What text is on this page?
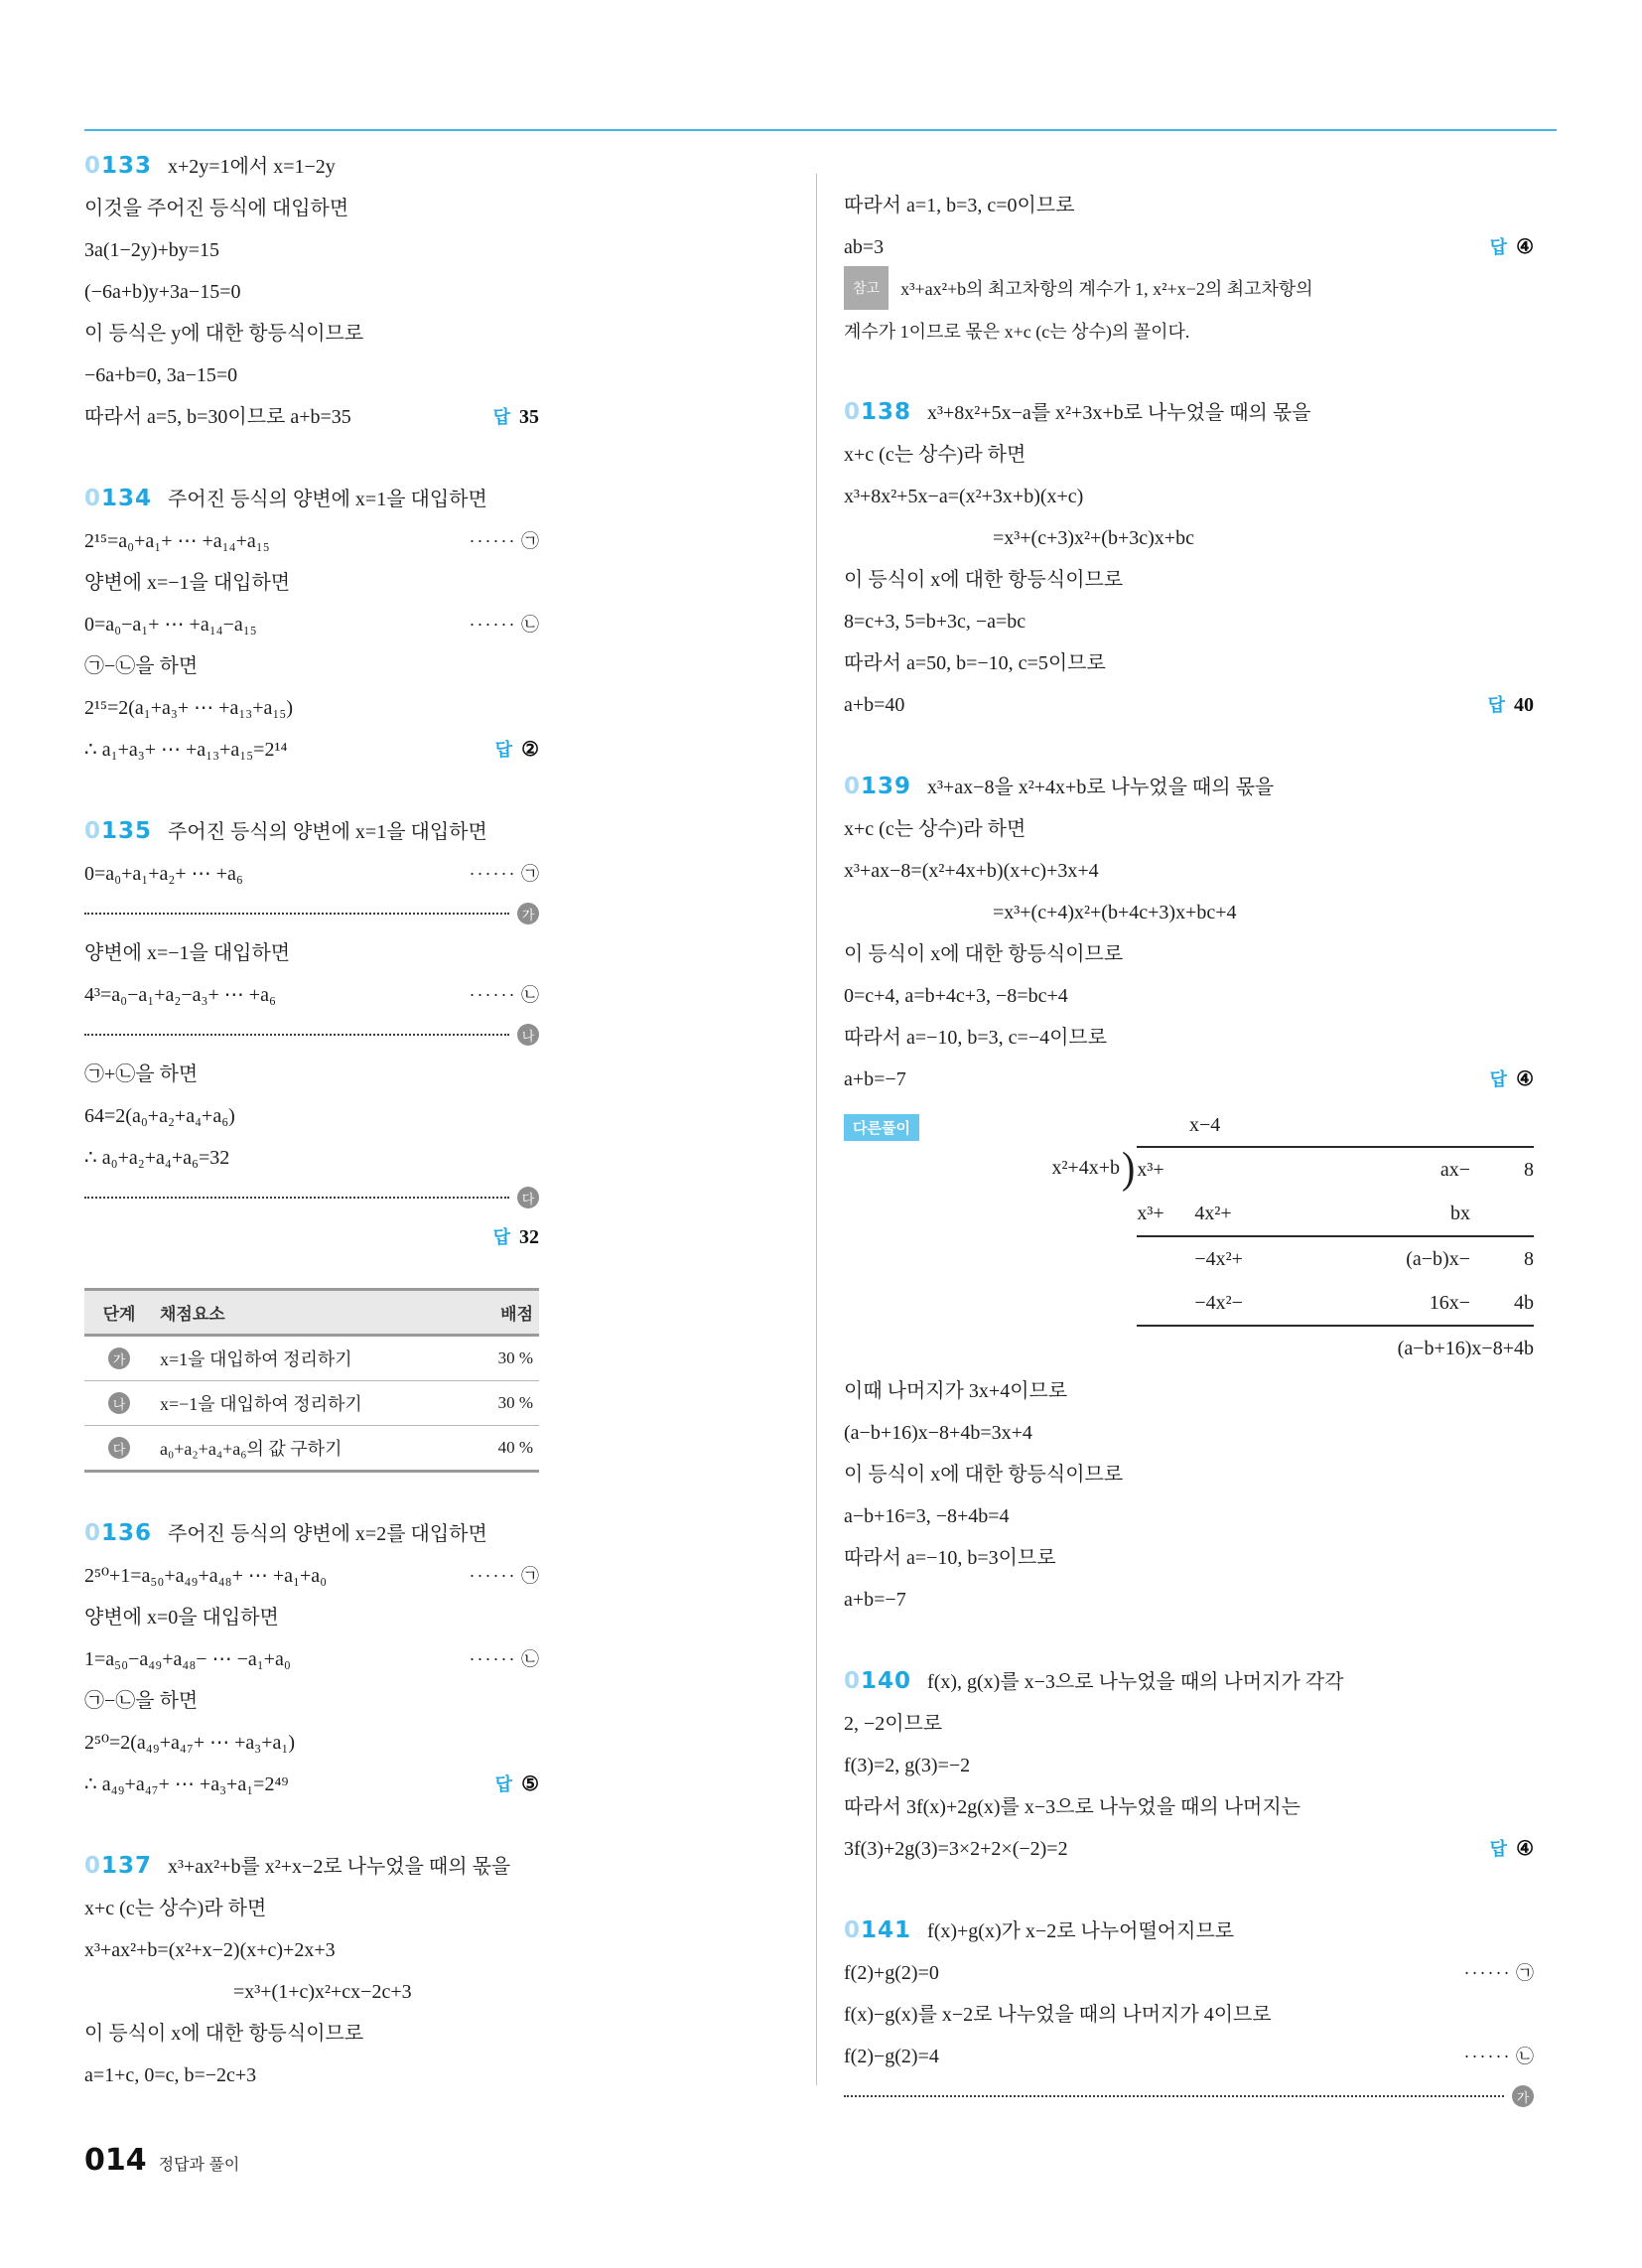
0133 x+2y=1에서 x=1−2y
이것을 주어진 등식에 대입하면
3a(1−2y)+by=15
(−6a+b)y+3a−15=0
이 등식은 y에 대한 항등식이므로
−6a+b=0, 3a−15=0
따라서 a=5, b=30이므로 a+b=35	답 35
0134 주어진 등식의 양변에 x=1을 대입하면
2¹⁵=a₀+a₁+ ⋯ +a₁₄+a₁₅	······ ㉠
양변에 x=−1을 대입하면
0=a₀−a₁+ ⋯ +a₁₄−a₁₅	······ ㉡
㉠−㉡을 하면
2¹⁵=2(a₁+a₃+ ⋯ +a₁₃+a₁₅)
∴ a₁+a₃+ ⋯ +a₁₃+a₁₅=2¹⁴	답 ②
0135 주어진 등식의 양변에 x=1을 대입하면
0=a₀+a₁+a₂+ ⋯ +a₆	······ ㉠
가
양변에 x=−1을 대입하면
4³=a₀−a₁+a₂−a₃+ ⋯ +a₆	······ ㉡
나
㉠+㉡을 하면
64=2(a₀+a₂+a₄+a₆)
∴ a₀+a₂+a₄+a₆=32
다
답 32
단계	채점요소	배점

가	x=1을 대입하여 정리하기	30 %

나	x=−1을 대입하여 정리하기	30 %

다	a₀+a₂+a₄+a₆의 값 구하기	40 %
0136 주어진 등식의 양변에 x=2를 대입하면
2⁵⁰+1=a₅₀+a₄₉+a₄₈+ ⋯ +a₁+a₀	······ ㉠
양변에 x=0을 대입하면
1=a₅₀−a₄₉+a₄₈− ⋯ −a₁+a₀	······ ㉡
㉠−㉡을 하면
2⁵⁰=2(a₄₉+a₄₇+ ⋯ +a₃+a₁)
∴ a₄₉+a₄₇+ ⋯ +a₃+a₁=2⁴⁹	답 ⑤
0137 x³+ax²+b를 x²+x−2로 나누었을 때의 몫을
x+c (c는 상수)라 하면
x³+ax²+b=(x²+x−2)(x+c)+2x+3
=x³+(1+c)x²+cx−2c+3
이 등식이 x에 대한 항등식이므로
a=1+c, 0=c, b=−2c+3
따라서 a=1, b=3, c=0이므로
ab=3	답 ④
참고	x³+ax²+b의 최고차항의 계수가 1, x²+x−2의 최고차항의
계수가 1이므로 몫은 x+c (c는 상수)의 꼴이다.
0138 x³+8x²+5x−a를 x²+3x+b로 나누었을 때의 몫을
x+c (c는 상수)라 하면
x³+8x²+5x−a=(x²+3x+b)(x+c)
=x³+(c+3)x²+(b+3c)x+bc
이 등식이 x에 대한 항등식이므로
8=c+3, 5=b+3c, −a=bc
따라서 a=50, b=−10, c=5이므로
a+b=40	답 40
0139 x³+ax−8을 x²+4x+b로 나누었을 때의 몫을
x+c (c는 상수)라 하면
x³+ax−8=(x²+4x+b)(x+c)+3x+4
=x³+(c+4)x²+(b+4c+3)x+bc+4
이 등식이 x에 대한 항등식이므로
0=c+4, a=b+4c+3, −8=bc+4
따라서 a=−10, b=3, c=−4이므로
a+b=−7	답 ④
다른풀이	x−4
x²+4x+b ) x³+	ax−	8
x³+	4x²+	bx
−4x²+	(a−b)x−	8
−4x²−	16x−	4b
(a−b+16)x−8+4b
이때 나머지가 3x+4이므로
(a−b+16)x−8+4b=3x+4
이 등식이 x에 대한 항등식이므로
a−b+16=3, −8+4b=4
따라서 a=−10, b=3이므로
a+b=−7
0140 f(x), g(x)를 x−3으로 나누었을 때의 나머지가 각각
2, −2이므로
f(3)=2, g(3)=−2
따라서 3f(x)+2g(x)를 x−3으로 나누었을 때의 나머지는
3f(3)+2g(3)=3×2+2×(−2)=2	답 ④
0141 f(x)+g(x)가 x−2로 나누어떨어지므로
f(2)+g(2)=0	······ ㉠
f(x)−g(x)를 x−2로 나누었을 때의 나머지가 4이므로
f(2)−g(2)=4	······ ㉡
가
014 정답과 풀이
